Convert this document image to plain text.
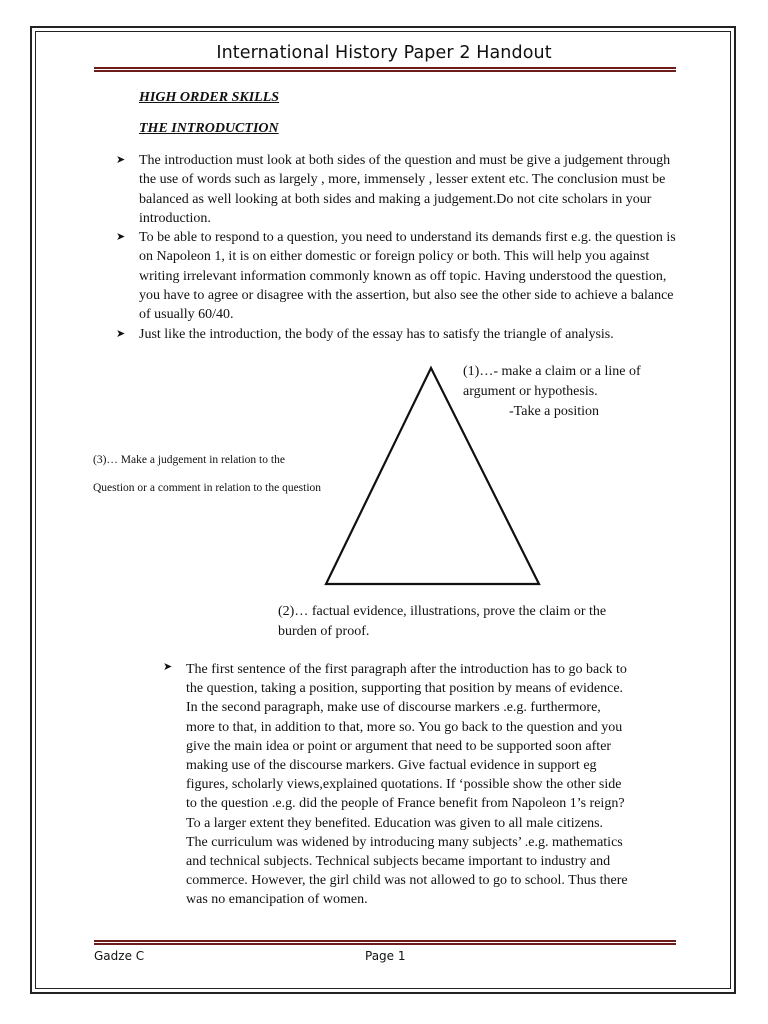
International History Paper 2 Handout
HIGH ORDER SKILLS
THE INTRODUCTION
➤ The introduction must look at both sides of the question and must be give a judgement through the use of words such as largely , more, immensely , lesser extent etc. The conclusion must be balanced as well looking at both sides and making a judgement.Do not cite scholars in your introduction.
➤ To be able to respond to a question, you need to understand its demands first e.g. the question is on Napoleon 1, it is on either domestic or foreign policy or both. This will help you against writing irrelevant information commonly known as off topic. Having understood the question, you have to agree or disagree with the assertion, but also see the other side to achieve a balance of usually 60/40.
➤ Just like the introduction, the body of the essay has to satisfy the triangle of analysis.
(1)…- make a claim or a line of
argument or hypothesis.
-Take a position
(3)… Make a judgement in relation to the
Question or a comment in relation to the question
(2)… factual evidence, illustrations, prove the claim or the
burden of proof.
➤ The first sentence of the first paragraph after the introduction has to go back to
the question, taking a position, supporting that position by means of evidence.
In the second paragraph, make use of discourse markers .e.g. furthermore,
more to that, in addition to that, more so. You go back to the question and you
give the main idea or point or argument that need to be supported soon after
making use of the discourse markers. Give factual evidence in support eg
figures, scholarly views,explained quotations. If ‘possible show the other side
to the question .e.g. did the people of France benefit from Napoleon 1’s reign?
To a larger extent they benefited. Education was given to all male citizens.
The curriculum was widened by introducing many subjects’ .e.g. mathematics
and technical subjects. Technical subjects became important to industry and
commerce. However, the girl child was not allowed to go to school. Thus there
was no emancipation of women.
Gadze C	Page 1
